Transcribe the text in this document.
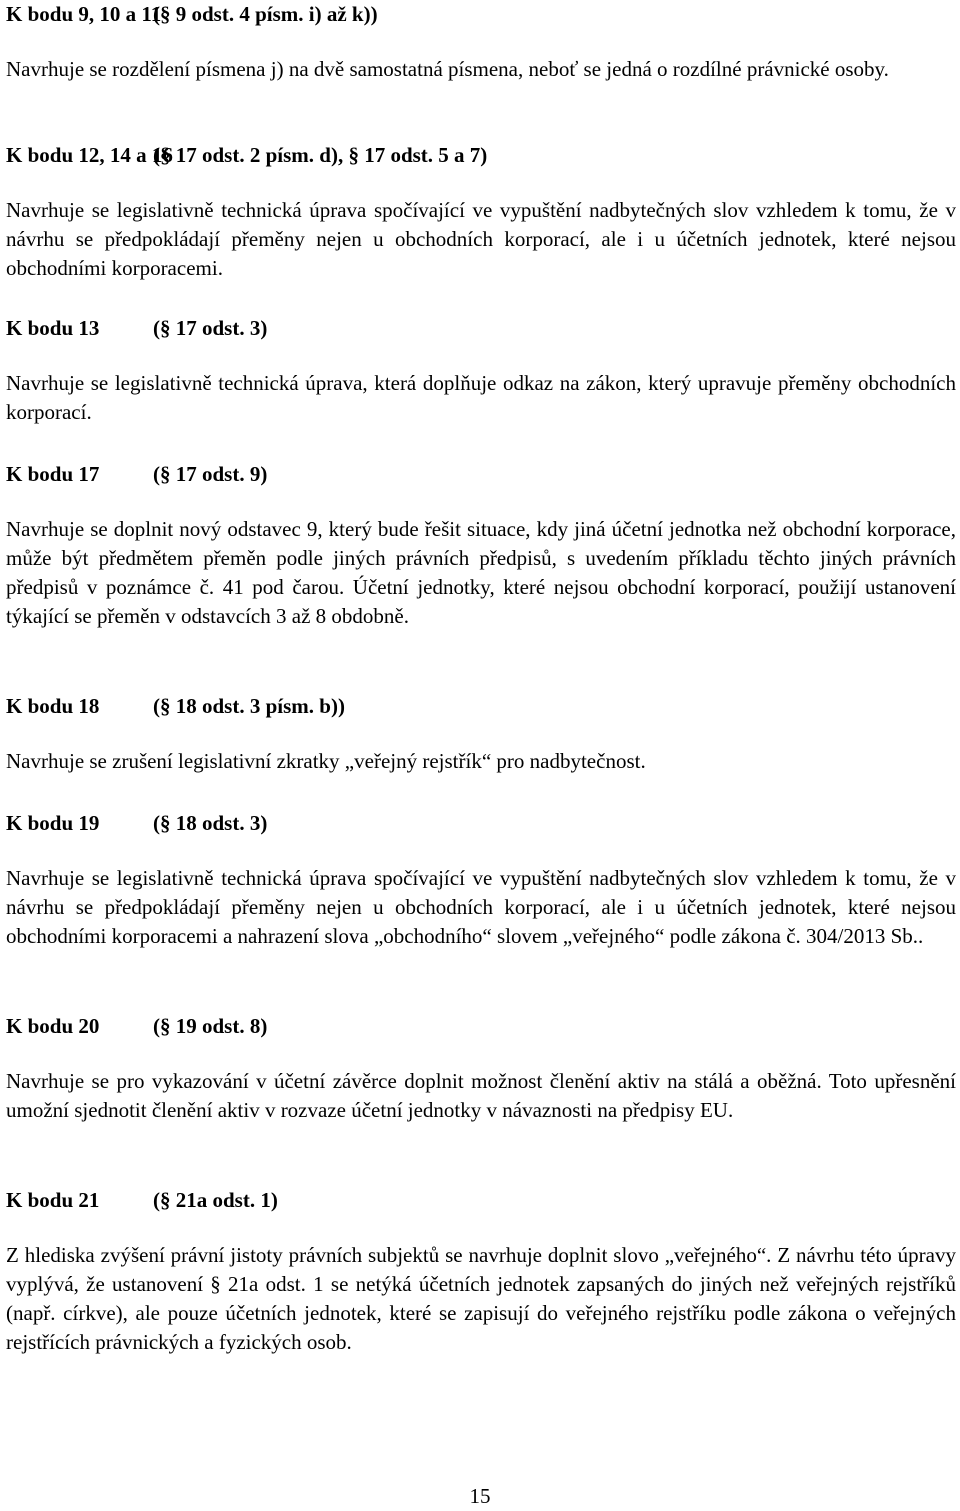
K bodu 9, 10 a 11
(§ 9 odst. 4 písm. i) až k))
Navrhuje se rozdělení písmena j) na dvě samostatná písmena, neboť se jedná o rozdílné právnické osoby.
K bodu 12, 14 a 16
(§ 17 odst. 2 písm. d), § 17 odst. 5 a 7)
Navrhuje se legislativně technická úprava spočívající ve vypuštění nadbytečných slov vzhledem k tomu, že v návrhu se předpokládají přeměny nejen u obchodních korporací, ale i u účetních jednotek, které nejsou obchodními korporacemi.
K bodu 13	(§ 17 odst. 3)
Navrhuje se legislativně technická úprava, která doplňuje odkaz na zákon, který upravuje přeměny obchodních korporací.
K bodu 17	(§ 17 odst. 9)
Navrhuje se doplnit nový odstavec 9, který bude řešit situace, kdy jiná účetní jednotka než obchodní korporace, může být předmětem přeměn podle jiných právních předpisů, s uvedením příkladu těchto jiných právních předpisů v poznámce č. 41 pod čarou. Účetní jednotky, které nejsou obchodní korporací, použijí ustanovení týkající se přeměn v odstavcích 3 až 8 obdobně.
K bodu 18	(§ 18 odst. 3 písm. b))
Navrhuje se zrušení legislativní zkratky „veřejný rejstřík“ pro nadbytečnost.
K bodu 19	(§ 18 odst. 3)
Navrhuje se legislativně technická úprava spočívající ve vypuštění nadbytečných slov vzhledem k tomu, že v návrhu se předpokládají přeměny nejen u obchodních korporací, ale i u účetních jednotek, které nejsou obchodními korporacemi a nahrazení slova „obchodního“ slovem „veřejného“ podle zákona č. 304/2013 Sb..
K bodu 20	(§ 19 odst. 8)
Navrhuje se pro vykazování v účetní závěrce doplnit možnost členění aktiv na stálá a oběžná. Toto upřesnění umožní sjednotit členění aktiv v rozvaze účetní jednotky v návaznosti na předpisy EU.
K bodu 21	(§ 21a odst. 1)
Z hlediska zvýšení právní jistoty právních subjektů se navrhuje doplnit slovo „veřejného“. Z návrhu této úpravy vyplývá, že ustanovení § 21a odst. 1 se netýká účetních jednotek zapsaných do jiných než veřejných rejstříků (např. církve), ale pouze účetních jednotek, které se zapisují do veřejného rejstříku podle zákona o veřejných rejstřících právnických a fyzických osob.
15
